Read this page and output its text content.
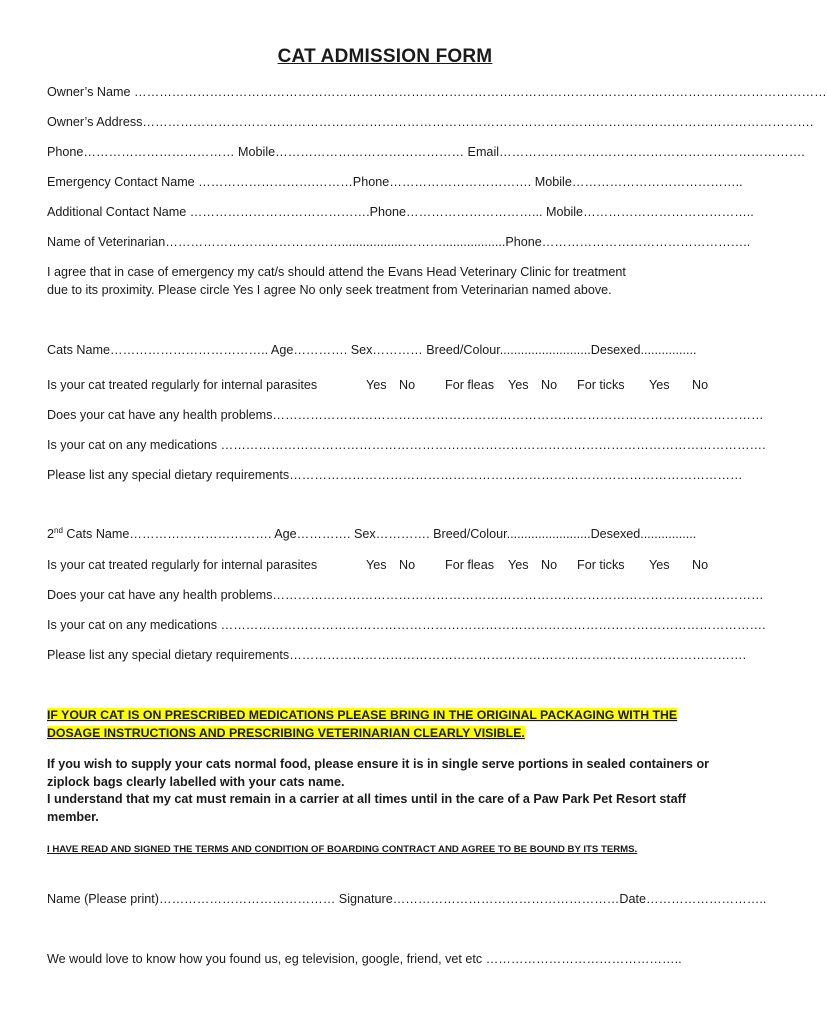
CAT ADMISSION FORM
Owner’s Name …………………………………………………………………………………………………………………………………………………
Owner’s Address…………………………………………………………………………………………………………………………………………….
Phone……………………………… Mobile……………………………………… Email……………………………………………………………….
Emergency Contact Name ……………………….………Phone……………………………. Mobile…………………………………..
Additional Contact Name …………………………………….Phone…………………………... Mobile…………………………………..
Name of Veterinarian……………………………………..................………..................Phone…………………………………………..
I agree that in case of emergency my cat/s should attend the Evans Head Veterinary Clinic for treatment
due to its proximity. Please circle Yes I agree No only seek treatment from Veterinarian named above.
Cats Name……………………………….. Age…………. Sex………… Breed/Colour..........................Desexed................
Is your cat treated regularly for internal parasites	Yes No For fleas Yes No For ticks Yes No
Does your cat have any health problems………………………………………………………………………………………………………
Is your cat on any medications ………………………………………………………………………………………………………………….
Please list any special dietary requirements………………………………………………………………………………………………
2nd Cats Name……………………………. Age…………. Sex…………. Breed/Colour........................Desexed................
Is your cat treated regularly for internal parasites	Yes No For fleas Yes No For ticks Yes No
Does your cat have any health problems………………………………………………………………………………………………………
Is your cat on any medications ………………………………………………………………………………………………………………….
Please list any special dietary requirements……………………………………………………………………………………………….
IF YOUR CAT IS ON PRESCRIBED MEDICATIONS PLEASE BRING IN THE ORIGINAL PACKAGING WITH THE
DOSAGE INSTRUCTIONS AND PRESCRIBING VETERINARIAN CLEARLY VISIBLE.
If you wish to supply your cats normal food, please ensure it is in single serve portions in sealed containers or ziplock bags clearly labelled with your cats name.
I understand that my cat must remain in a carrier at all times until in the care of a Paw Park Pet Resort staff member.
I HAVE READ AND SIGNED THE TERMS AND CONDITION OF BOARDING CONTRACT AND AGREE TO BE BOUND BY ITS TERMS.
Name (Please print)…………………………………… Signature………………………………………………Date………………………..
We would love to know how you found us, eg television, google, friend, vet etc ………………………………………..
